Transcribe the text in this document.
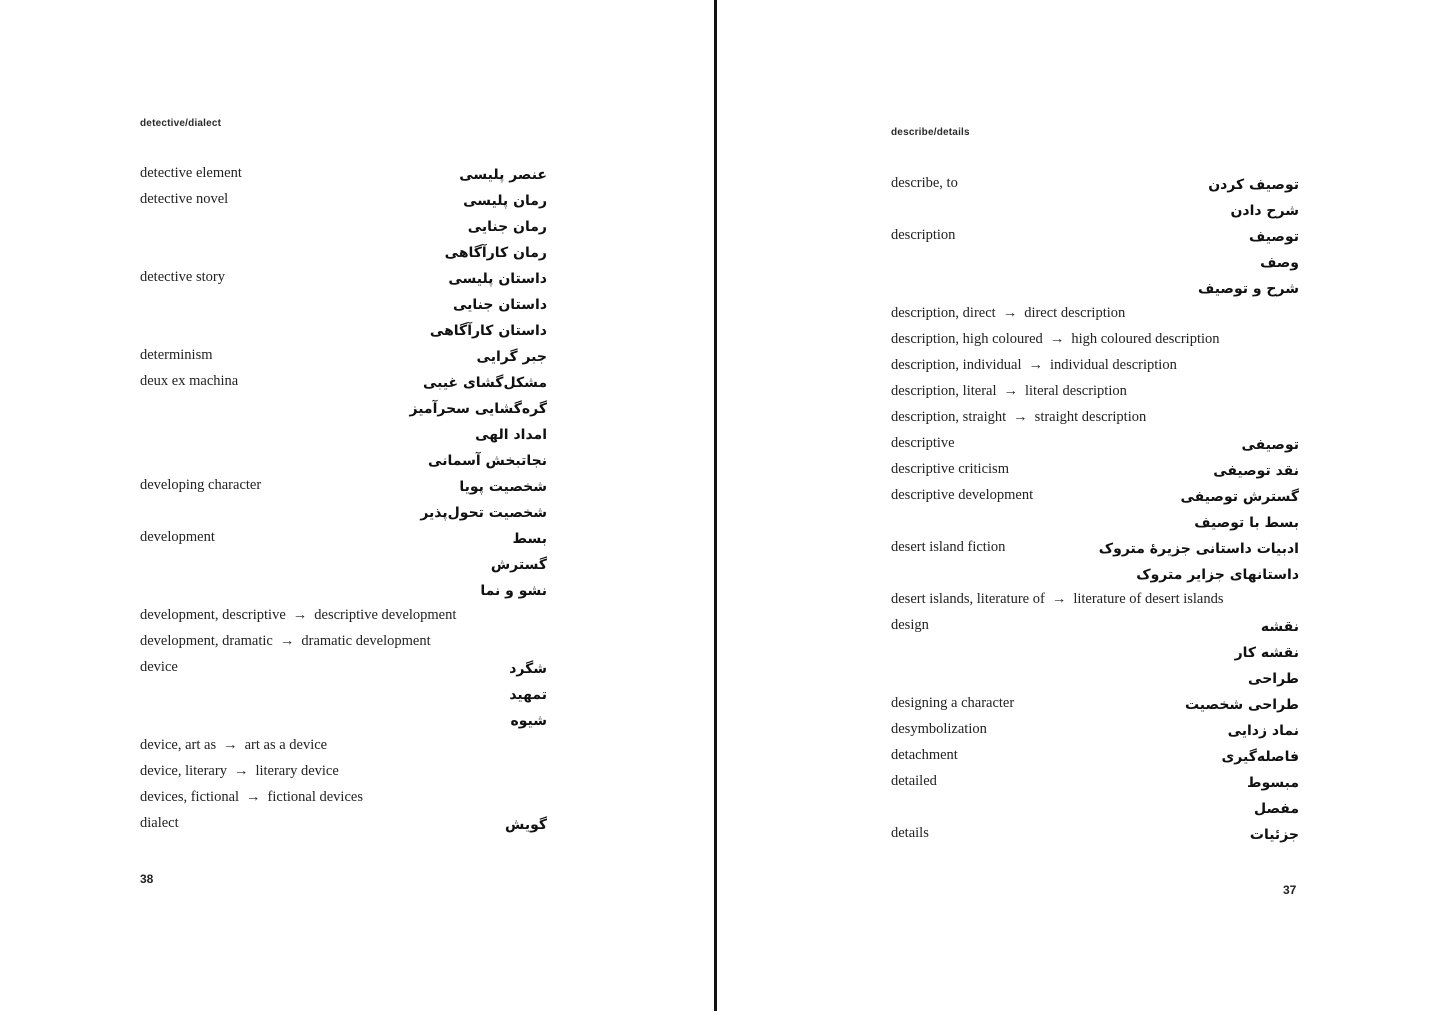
detective/dialect
detective element	عنصر پلیسی
detective novel	رمان پلیسی
رمان جنایی
رمان کارآگاهی
detective story	داستان پلیسی
داستان جنایی
داستان کارآگاهی
determinism	جبر گرایی
deux ex machina	مشکل‌گشای غیبی
گره‌گشایی سحرآمیز
امداد الهی
نجاتبخش آسمانی
developing character	شخصیت پویا
شخصیت تحول‌پذیر
development	بسط
گسترش
نشو و نما
development, descriptive → descriptive development
development, dramatic → dramatic development
device	شگرد
تمهید
شیوه
device, art as → art as a device
device, literary → literary device
devices, fictional → fictional devices
dialect	گویش
38
describe/details
describe, to	توصیف کردن
شرح دادن
description	توصیف
وصف
شرح و توصیف
description, direct → direct description
description, high coloured → high coloured description
description, individual → individual description
description, literal → literal description
description, straight → straight description
descriptive	توصیفی
descriptive criticism	نقد توصیفی
descriptive development	گسترش توصیفی
بسط با توصیف
desert island fiction	ادبیات داستانی جزیرهٔ متروک
داستانهای جزایر متروک
desert islands, literature of → literature of desert islands
design	نقشه
نقشه کار
طراحی
designing a character	طراحی شخصیت
desymbolization	نماد زدایی
detachment	فاصله‌گیری
detailed	مبسوط
مفصل
details	جزئیات
37
